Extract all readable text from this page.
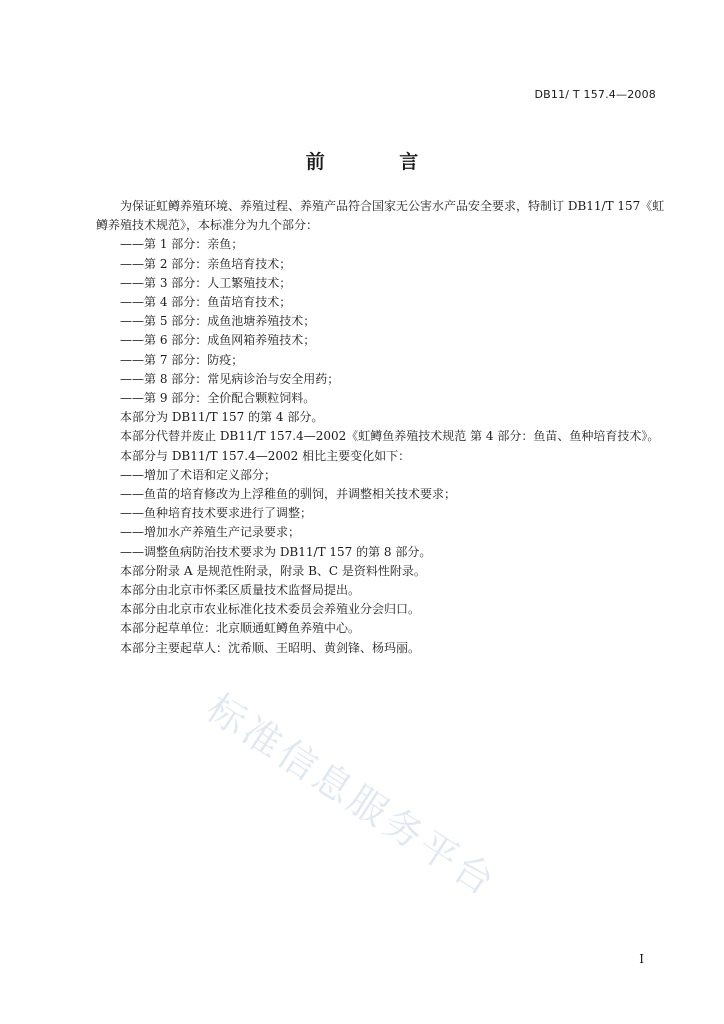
DB11/ T 157.4—2008
前 言
为保证虹鳟养殖环境、养殖过程、养殖产品符合国家无公害水产品安全要求，特制订 DB11/T 157《虹鳟养殖技术规范》，本标准分为九个部分：
——第 1 部分：亲鱼；
——第 2 部分：亲鱼培育技术；
——第 3 部分：人工繁殖技术；
——第 4 部分：鱼苗培育技术；
——第 5 部分：成鱼池塘养殖技术；
——第 6 部分：成鱼网箱养殖技术；
——第 7 部分：防疫；
——第 8 部分：常见病诊治与安全用药；
——第 9 部分：全价配合颗粒饲料。
本部分为 DB11/T 157 的第 4 部分。
本部分代替并废止 DB11/T 157.4—2002《虹鳟鱼养殖技术规范 第 4 部分：鱼苗、鱼种培育技术》。
本部分与 DB11/T 157.4—2002 相比主要变化如下：
——增加了术语和定义部分；
——鱼苗的培育修改为上浮稚鱼的驯饲，并调整相关技术要求；
——鱼种培育技术要求进行了调整；
——增加水产养殖生产记录要求；
——调整鱼病防治技术要求为 DB11/T 157 的第 8 部分。
本部分附录 A 是规范性附录，附录 B、C 是资料性附录。
本部分由北京市怀柔区质量技术监督局提出。
本部分由北京市农业标准化技术委员会养殖业分会归口。
本部分起草单位：北京顺通虹鳟鱼养殖中心。
本部分主要起草人：沈希顺、王昭明、黄剑锋、杨玛丽。
标准信息服务平台
I
